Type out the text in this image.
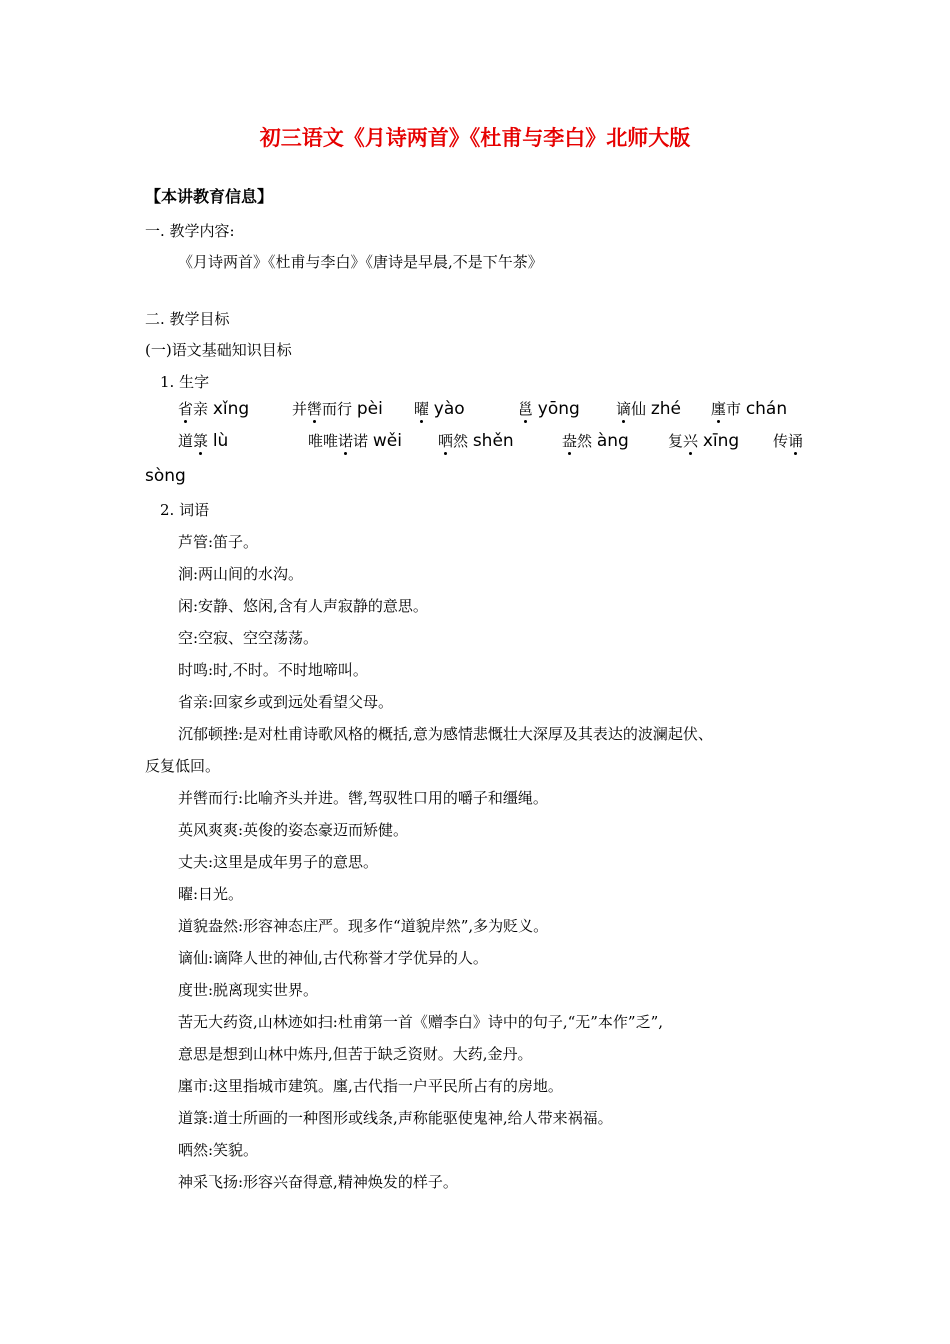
初三语文《月诗两首》《杜甫与李白》北师大版
【本讲教育信息】
一. 教学内容:
《月诗两首》《杜甫与李白》《唐诗是早晨,不是下午茶》
二. 教学目标
(一)语文基础知识目标
1. 生字
省亲 xǐng	并辔而行 pèi 曜 yào	邕 yōng 谪仙 zhé 廛市 chán
道箓 lù	唯唯诺诺 wěi 哂然 shěn	盎然 àng	复兴 xīng 传诵
sòng
2. 词语
芦管:笛子。
涧:两山间的水沟。
闲:安静、悠闲,含有人声寂静的意思。
空:空寂、空空荡荡。
时鸣:时,不时。不时地啼叫。
省亲:回家乡或到远处看望父母。
沉郁顿挫:是对杜甫诗歌风格的概括,意为感情悲慨壮大深厚及其表达的波澜起伏、
反复低回。
并辔而行:比喻齐头并进。辔,驾驭牲口用的嚼子和缰绳。
英风爽爽:英俊的姿态豪迈而矫健。
丈夫:这里是成年男子的意思。
曜:日光。
道貌盎然:形容神态庄严。现多作“道貌岸然”,多为贬义。
谪仙:谪降人世的神仙,古代称誉才学优异的人。
度世:脱离现实世界。
苦无大药资,山林迹如扫:杜甫第一首《赠李白》诗中的句子,“无”本作”乏”,
意思是想到山林中炼丹,但苦于缺乏资财。大药,金丹。
廛市:这里指城市建筑。廛,古代指一户平民所占有的房地。
道箓:道士所画的一种图形或线条,声称能驱使鬼神,给人带来祸福。
哂然:笑貌。
神采飞扬:形容兴奋得意,精神焕发的样子。
